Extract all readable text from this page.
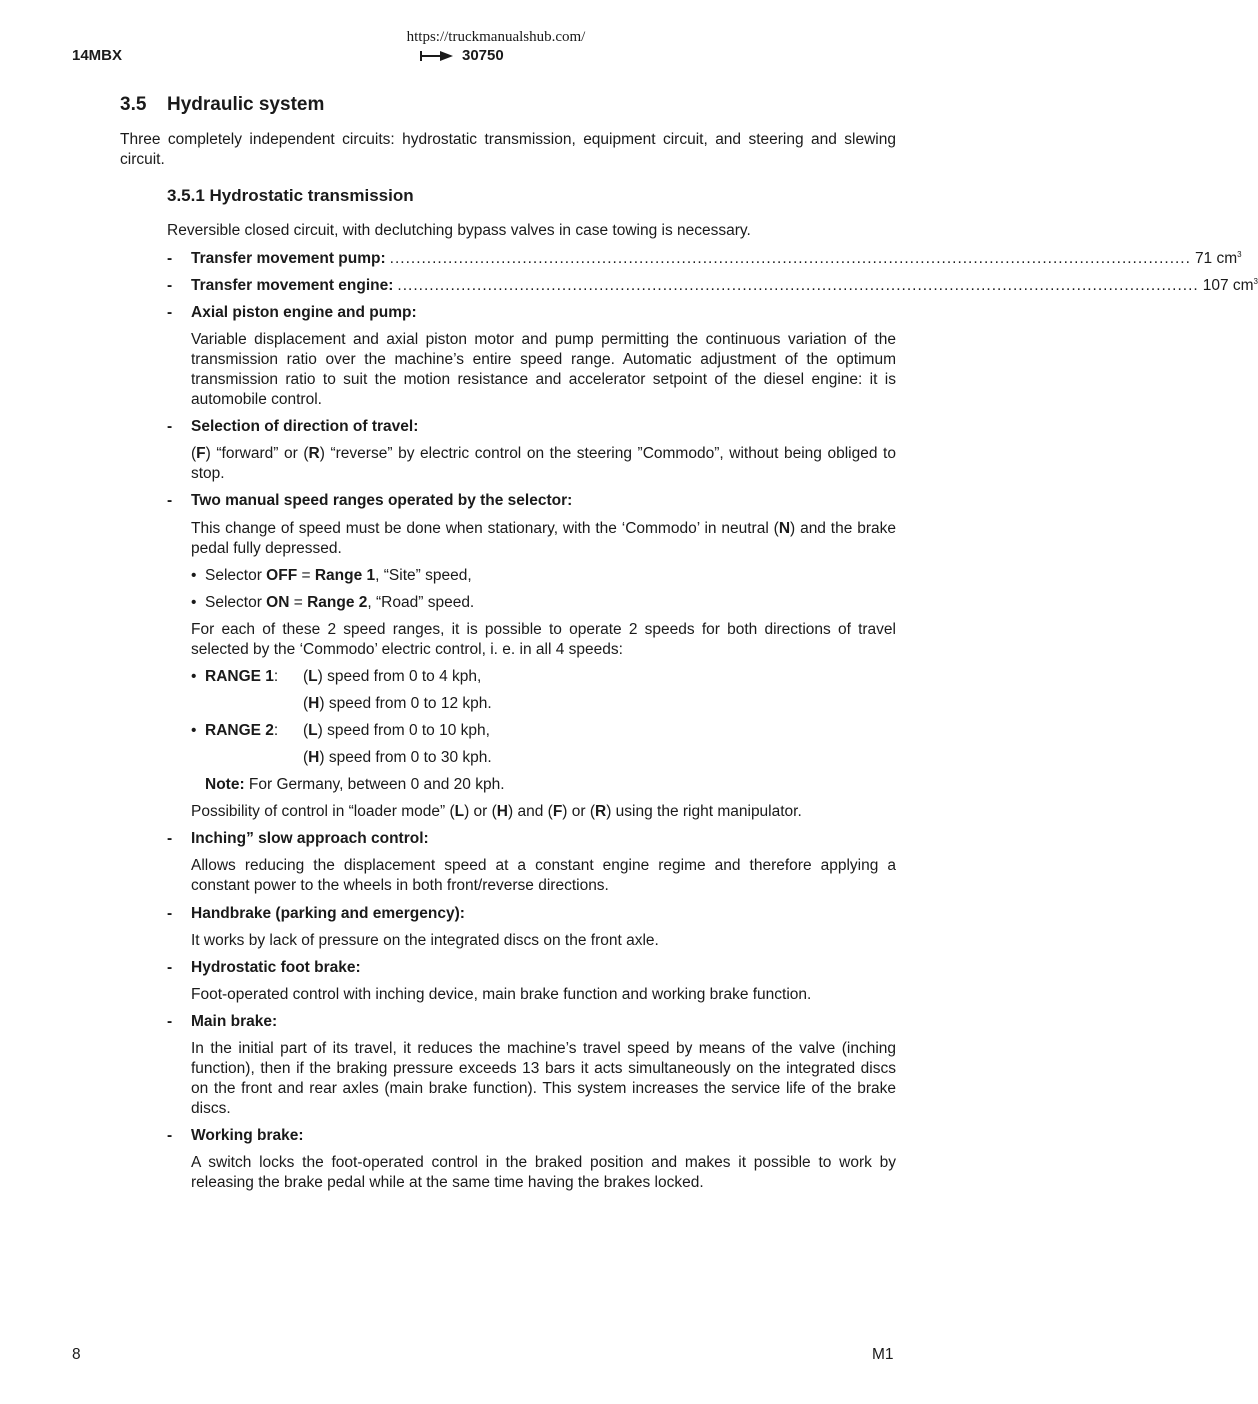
https://truckmanualshub.com/
14MBX	30750
3.5 Hydraulic system
Three completely independent circuits: hydrostatic transmission, equipment circuit, and steering and slewing circuit.
3.5.1 Hydrostatic transmission
Reversible closed circuit, with declutching bypass valves in case towing is necessary.
- Transfer movement pump: ....................................................................................................................................................... 71 $cm^3$
- Transfer movement engine: ....................................................................................................................................................... 107 $cm^3$
- Axial piston engine and pump:
Variable displacement and axial piston motor and pump permitting the continuous variation of the transmission ratio over the machine’s entire speed range. Automatic adjustment of the optimum transmission ratio to suit the motion resistance and accelerator setpoint of the diesel engine: it is automobile control.
- Selection of direction of travel:
(F) “forward” or (R) “reverse” by electric control on the steering ”Commodo”, without being obliged to stop.
- Two manual speed ranges operated by the selector:
This change of speed must be done when stationary, with the ‘Commodo’ in neutral (N) and the brake pedal fully depressed.
• Selector OFF = Range 1, “Site” speed,
• Selector ON = Range 2, “Road” speed.
For each of these 2 speed ranges, it is possible to operate 2 speeds for both directions of travel selected by the ‘Commodo’ electric control, i. e. in all 4 speeds:
• RANGE 1: (L) speed from 0 to 4 kph,
(H) speed from 0 to 12 kph.
• RANGE 2: (L) speed from 0 to 10 kph,
(H) speed from 0 to 30 kph.
Note: For Germany, between 0 and 20 kph.
Possibility of control in “loader mode” (L) or (H) and (F) or (R) using the right manipulator.
- Inching” slow approach control:
Allows reducing the displacement speed at a constant engine regime and therefore applying a constant power to the wheels in both front/reverse directions.
- Handbrake (parking and emergency):
It works by lack of pressure on the integrated discs on the front axle.
- Hydrostatic foot brake:
Foot-operated control with inching device, main brake function and working brake function.
- Main brake:
In the initial part of its travel, it reduces the machine’s travel speed by means of the valve (inching function), then if the braking pressure exceeds 13 bars it acts simultaneously on the integrated discs on the front and rear axles (main brake function). This system increases the service life of the brake discs.
- Working brake:
A switch locks the foot-operated control in the braked position and makes it possible to work by releasing the brake pedal while at the same time having the brakes locked.
8	M1
